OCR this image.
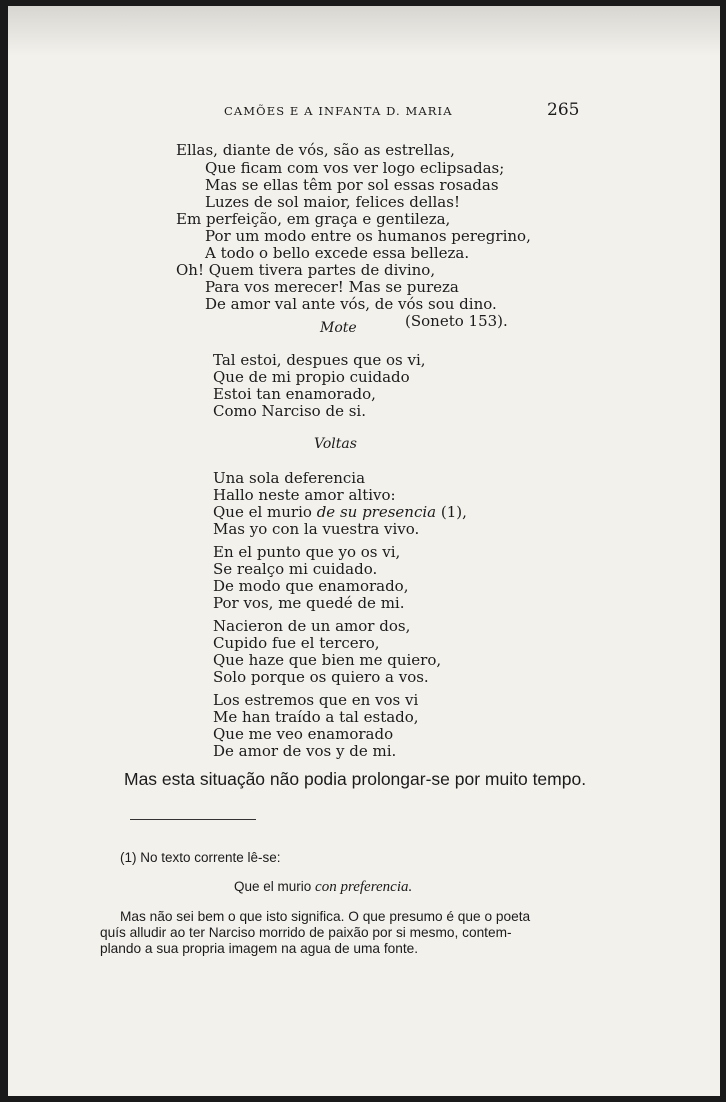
CAMÕES E A INFANTA D. MARIA	265
Ellas, diante de vós, são as estrellas,
Que ficam com vos ver logo eclipsadas;
Mas se ellas têm por sol essas rosadas
Luzes de sol maior, felices dellas!
Em perfeição, em graça e gentileza,
Por um modo entre os humanos peregrino,
A todo o bello excede essa belleza.
Oh! Quem tivera partes de divino,
Para vos merecer! Mas se pureza
De amor val ante vós, de vós sou dino.
(Soneto 153).
Mote
Tal estoi, despues que os vi,
Que de mi propio cuidado
Estoi tan enamorado,
Como Narciso de si.
Voltas
Una sola deferencia
Hallo neste amor altivo:
Que el murio de su presencia (1),
Mas yo con la vuestra vivo.
En el punto que yo os vi,
Se realço mi cuidado.
De modo que enamorado,
Por vos, me quedé de mi.
Nacieron de un amor dos,
Cupido fue el tercero,
Que haze que bien me quiero,
Solo porque os quiero a vos.
Los estremos que en vos vi
Me han traído a tal estado,
Que me veo enamorado
De amor de vos y de mi.
Mas esta situação não podia prolongar-se por muito tempo.
(1) No texto corrente lê-se:
Que el murio con preferencia.
Mas não sei bem o que isto significa. O que presumo é que o poeta
quís alludir ao ter Narciso morrido de paixão por si mesmo, contem-
plando a sua propria imagem na agua de uma fonte.
